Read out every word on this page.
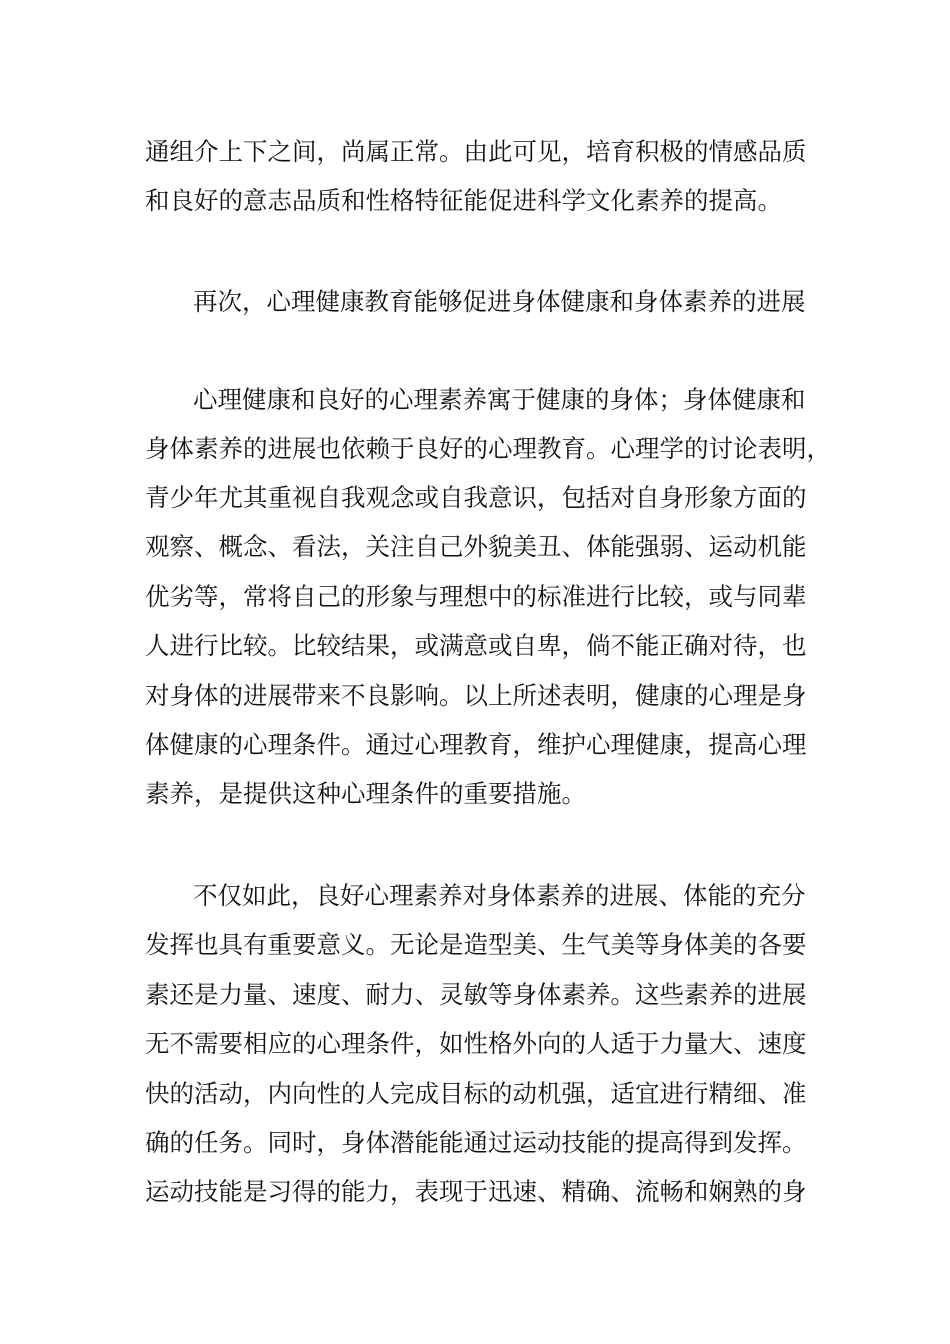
通组介上下之间，尚属正常。由此可见，培育积极的情感品质
和良好的意志品质和性格特征能促进科学文化素养的提高。
再次，心理健康教育能够促进身体健康和身体素养的进展
心理健康和良好的心理素养寓于健康的身体；身体健康和
身体素养的进展也依赖于良好的心理教育。心理学的讨论表明，
青少年尤其重视自我观念或自我意识，包括对自身形象方面的
观察、概念、看法，关注自己外貌美丑、体能强弱、运动机能
优劣等，常将自己的形象与理想中的标准进行比较，或与同辈
人进行比较。比较结果，或满意或自卑，倘不能正确对待，也
对身体的进展带来不良影响。以上所述表明，健康的心理是身
体健康的心理条件。通过心理教育，维护心理健康，提高心理
素养，是提供这种心理条件的重要措施。
不仅如此，良好心理素养对身体素养的进展、体能的充分
发挥也具有重要意义。无论是造型美、生气美等身体美的各要
素还是力量、速度、耐力、灵敏等身体素养。这些素养的进展
无不需要相应的心理条件，如性格外向的人适于力量大、速度
快的活动，内向性的人完成目标的动机强，适宜进行精细、准
确的任务。同时，身体潜能能通过运动技能的提高得到发挥。
运动技能是习得的能力，表现于迅速、精确、流畅和娴熟的身
